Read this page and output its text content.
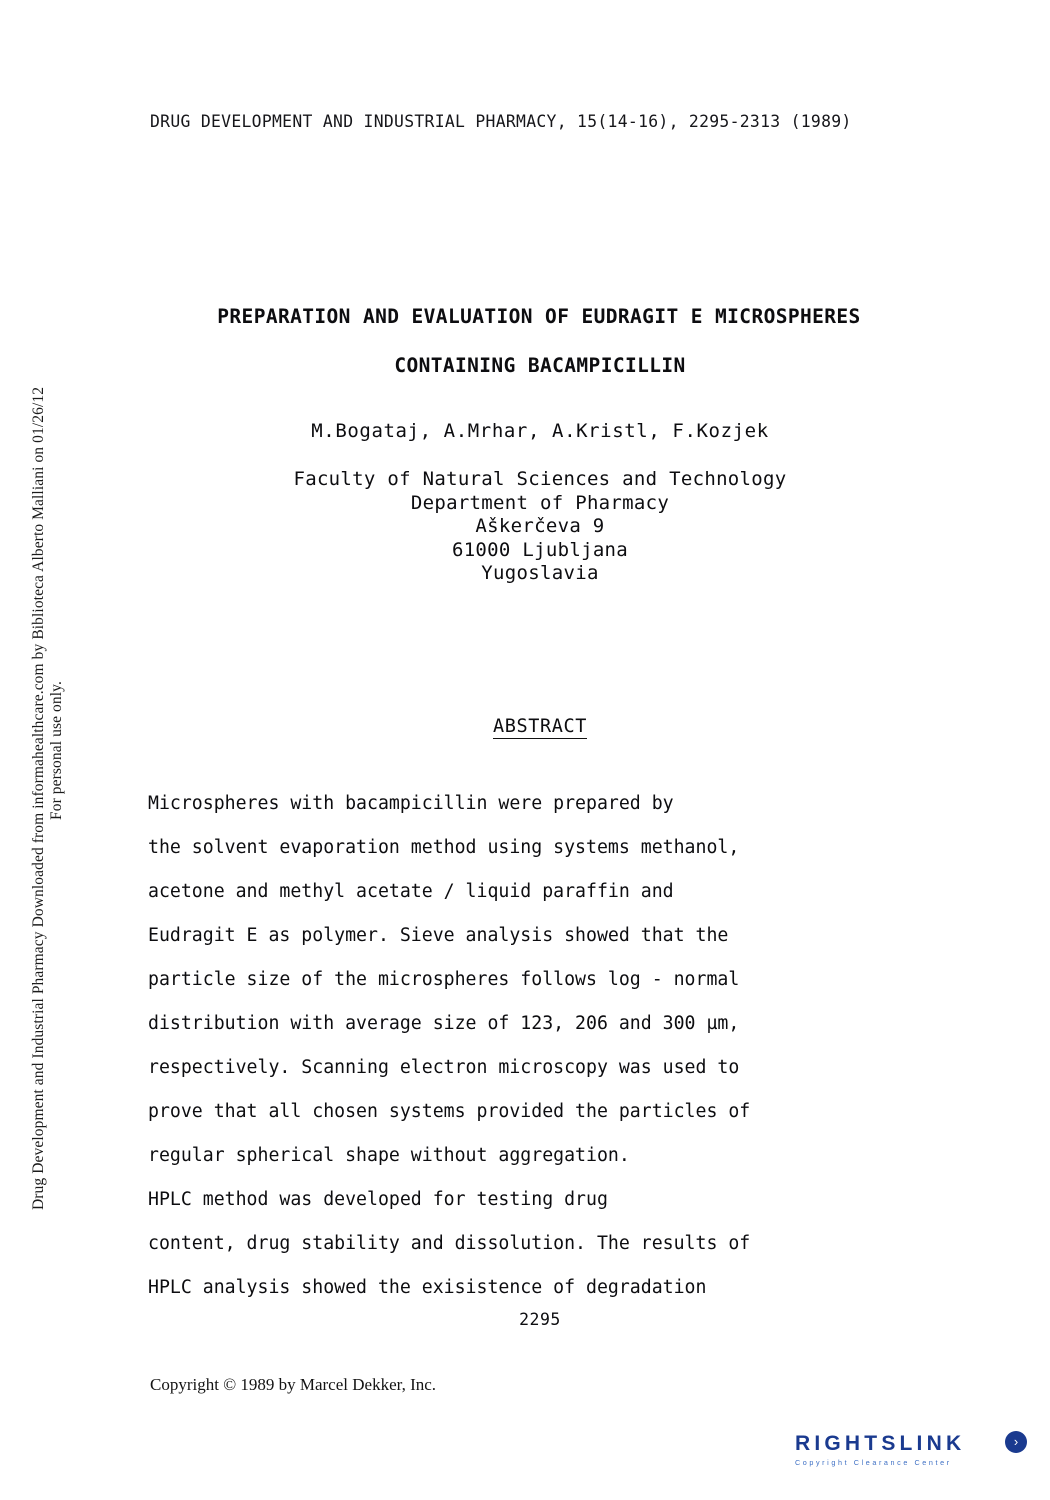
Drug Development and Industrial Pharmacy Downloaded from informahealthcare.com by Biblioteca Alberto Malliani on 01/26/12 For personal use only.
DRUG DEVELOPMENT AND INDUSTRIAL PHARMACY, 15(14-16), 2295-2313 (1989)
PREPARATION AND EVALUATION OF EUDRAGIT E MICROSPHERES
CONTAINING BACAMPICILLIN
M.Bogataj, A.Mrhar, A.Kristl, F.Kozjek
Faculty of Natural Sciences and Technology
Department of Pharmacy
Aškerčeva 9
61000 Ljubljana
Yugoslavia
ABSTRACT
Microspheres with bacampicillin were prepared by
the solvent evaporation method using systems methanol,
acetone and methyl acetate / liquid paraffin and
Eudragit E as polymer. Sieve analysis showed that the
particle size of the microspheres follows log - normal
distribution with average size of 123, 206 and 300 µm,
respectively. Scanning electron microscopy was used to
prove that all chosen systems provided the particles of
regular spherical shape without aggregation.
HPLC method was developed for testing drug
content, drug stability and dissolution. The results of
HPLC analysis showed the exisistence of degradation
2295
Copyright © 1989 by Marcel Dekker, Inc.
RIGHTSLINK
Copyright Clearance Center
›
